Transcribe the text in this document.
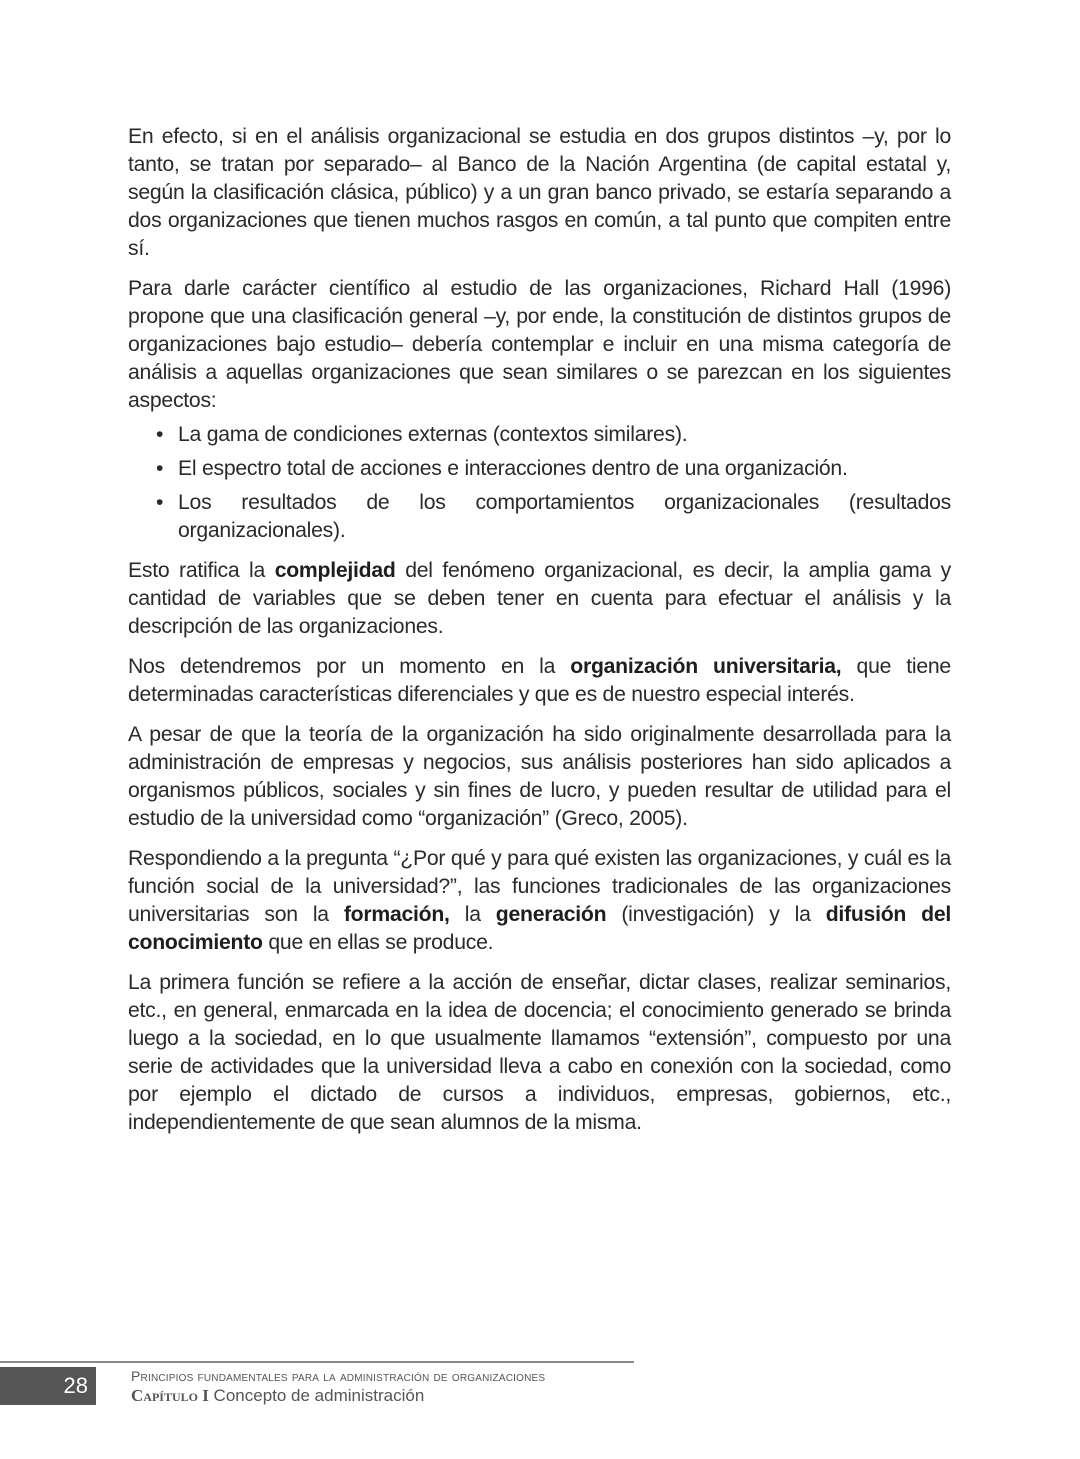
En efecto, si en el análisis organizacional se estudia en dos grupos distintos –y, por lo tanto, se tratan por separado– al Banco de la Nación Argentina (de capital estatal y, según la clasificación clásica, público) y a un gran banco privado, se estaría separando a dos organizaciones que tienen muchos rasgos en común, a tal punto que compiten entre sí.

Para darle carácter científico al estudio de las organizaciones, Richard Hall (1996) propone que una clasificación general –y, por ende, la constitución de distintos grupos de organizaciones bajo estudio– debería contemplar e incluir en una misma categoría de análisis a aquellas organizaciones que sean similares o se parezcan en los siguientes aspectos:

• La gama de condiciones externas (contextos similares).
• El espectro total de acciones e interacciones dentro de una organización.
• Los resultados de los comportamientos organizacionales (resultados organizacionales).

Esto ratifica la complejidad del fenómeno organizacional, es decir, la amplia gama y cantidad de variables que se deben tener en cuenta para efectuar el análisis y la descripción de las organizaciones.

Nos detendremos por un momento en la organización universitaria, que tiene determinadas características diferenciales y que es de nuestro especial interés.

A pesar de que la teoría de la organización ha sido originalmente desarrollada para la administración de empresas y negocios, sus análisis posteriores han sido aplicados a organismos públicos, sociales y sin fines de lucro, y pueden resultar de utilidad para el estudio de la universidad como “organización” (Greco, 2005).

Respondiendo a la pregunta “¿Por qué y para qué existen las organizaciones, y cuál es la función social de la universidad?”, las funciones tradicionales de las organizaciones universitarias son la formación, la generación (investigación) y la difusión del conocimiento que en ellas se produce.

La primera función se refiere a la acción de enseñar, dictar clases, realizar seminarios, etc., en general, enmarcada en la idea de docencia; el conocimiento generado se brinda luego a la sociedad, en lo que usualmente llamamos “extensión”, compuesto por una serie de actividades que la universidad lleva a cabo en conexión con la sociedad, como por ejemplo el dictado de cursos a individuos, empresas, gobiernos, etc., independientemente de que sean alumnos de la misma.

28	Principios fundamentales para la administración de organizaciones
Capítulo I Concepto de administración
